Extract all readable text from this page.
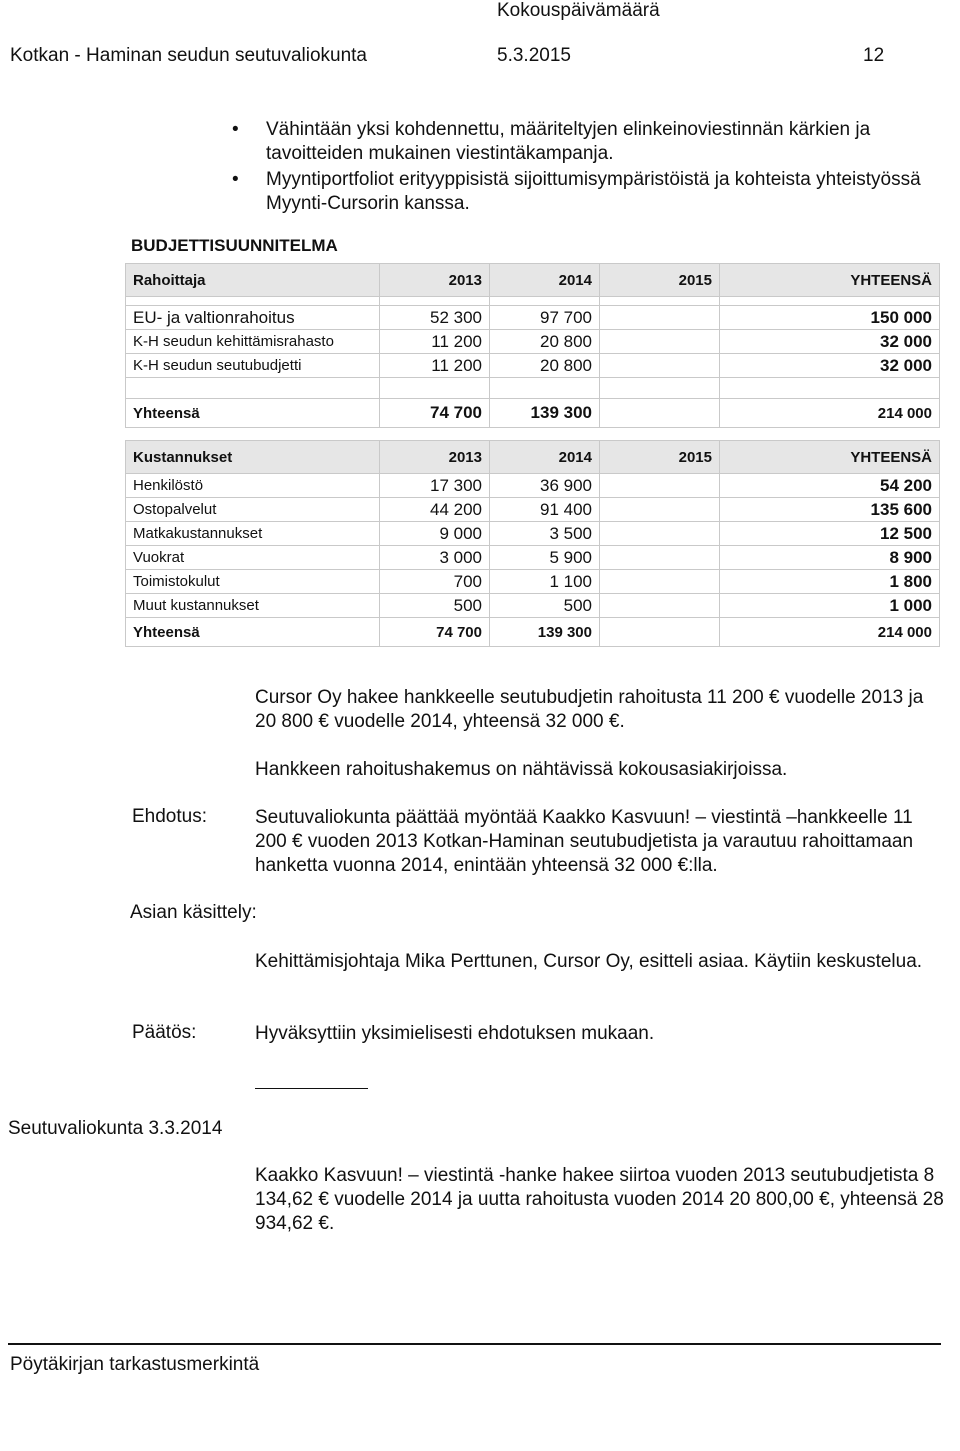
Kokouspäivämäärä
Kotkan - Haminan seudun seutuvaliokunta	5.3.2015	12
• Vähintään yksi kohdennettu, määriteltyjen elinkeinoviestinnän kärkien ja tavoitteiden mukainen viestintäkampanja.
• Myyntiportfoliot erityyppisistä sijoittumisympäristöistä ja kohteista yhteistyössä Myynti-Cursorin kanssa.
BUDJETTISUUNNITELMA
Rahoittaja	2013	2014	2015	YHTEENSÄ

EU- ja valtionrahoitus	52 300	97 700		150 000
K-H seudun kehittämisrahasto	11 200	20 800		32 000
K-H seudun seutubudjetti	11 200	20 800		32 000

Yhteensä	74 700	139 300		214 000
Kustannukset	2013	2014	2015	YHTEENSÄ
Henkilöstö	17 300	36 900		54 200
Ostopalvelut	44 200	91 400		135 600
Matkakustannukset	9 000	3 500		12 500
Vuokrat	3 000	5 900		8 900
Toimistokulut	700	1 100		1 800
Muut kustannukset	500	500		1 000
Yhteensä	74 700	139 300		214 000
Cursor Oy hakee hankkeelle seutubudjetin rahoitusta 11 200 € vuodelle 2013 ja 20 800 € vuodelle 2014, yhteensä 32 000 €.
Hankkeen rahoitushakemus on nähtävissä kokousasiakirjoissa.
Ehdotus:	Seutuvaliokunta päättää myöntää Kaakko Kasvuun! – viestintä –hankkeelle 11 200 € vuoden 2013 Kotkan-Haminan seutubudjetista ja varautuu rahoittamaan hanketta vuonna 2014, enintään yhteensä 32 000 €:lla.
Asian käsittely:
Kehittämisjohtaja Mika Perttunen, Cursor Oy, esitteli asiaa. Käytiin keskustelua.
Päätös:	Hyväksyttiin yksimielisesti ehdotuksen mukaan.
Seutuvaliokunta 3.3.2014
Kaakko Kasvuun! – viestintä -hanke hakee siirtoa vuoden 2013 seutubudjetista 8 134,62 € vuodelle 2014 ja uutta rahoitusta vuoden 2014 20 800,00 €, yhteensä 28 934,62 €.
Pöytäkirjan tarkastusmerkintä
